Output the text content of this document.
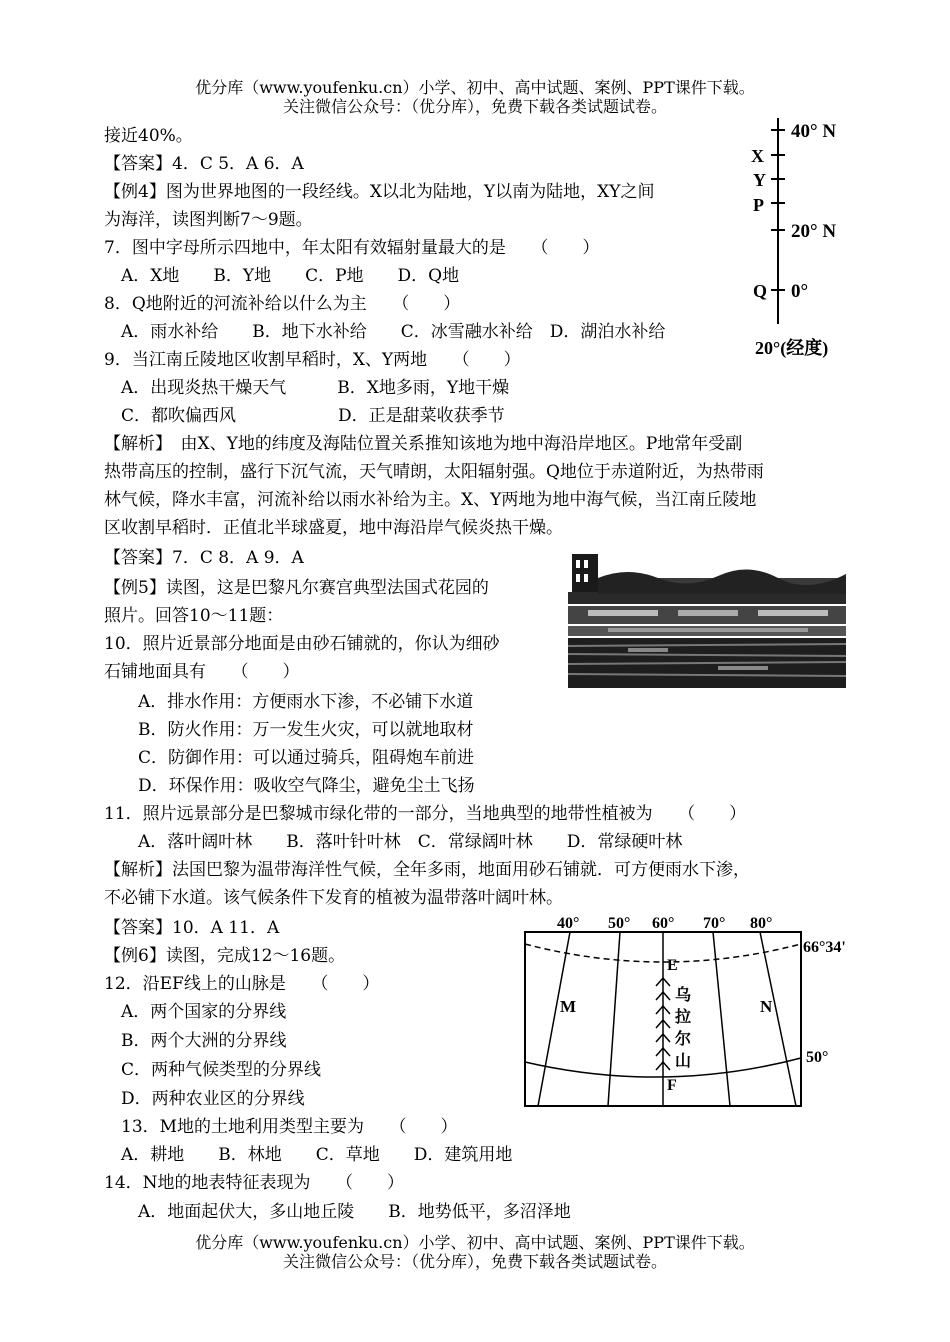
优分库（www.youfenku.cn）小学、初中、高中试题、案例、PPT课件下载。
关注微信公众号：（优分库），免费下载各类试题试卷。
接近40%。
【答案】4．C 5．A 6．A
【例4】图为世界地图的一段经线。X以北为陆地，Y以南为陆地，XY之间
为海洋，读图判断7～9题。
7．图中字母所示四地中，年太阳有效辐射量最大的是　　（　　）
　A．X地　　B．Y地　　C．P地　　D．Q地
8．Q地附近的河流补给以什么为主　　（　　）
　A．雨水补给　　B．地下水补给　　C．冰雪融水补给　D．湖泊水补给
9．当江南丘陵地区收割早稻时，X、Y两地　　（　　）
　A．出现炎热干燥天气　　　B．X地多雨，Y地干燥
　C．都吹偏西风　　　　　　D．正是甜菜收获季节
【解析】　由X、Y地的纬度及海陆位置关系推知该地为地中海沿岸地区。P地常年受副
热带高压的控制，盛行下沉气流，天气晴朗，太阳辐射强。Q地位于赤道附近，为热带雨
林气候，降水丰富，河流补给以雨水补给为主。X、Y两地为地中海气候，当江南丘陵地
区收割早稻时．正值北半球盛夏，地中海沿岸气候炎热干燥。
【答案】7．C 8．A 9．A
【例5】读图，这是巴黎凡尔赛宫典型法国式花园的
照片。回答10～11题：
10．照片近景部分地面是由砂石铺就的，你认为细砂
石铺地面具有　　（　　）
　　A．排水作用：方便雨水下渗，不必铺下水道
　　B．防火作用：万一发生火灾，可以就地取材
　　C．防御作用：可以通过骑兵，阻碍炮车前进
　　D．环保作用：吸收空气降尘，避免尘土飞扬
11．照片远景部分是巴黎城市绿化带的一部分，当地典型的地带性植被为　　（　　）
　　A．落叶阔叶林　　B．落叶针叶林　C．常绿阔叶林　　D．常绿硬叶林
【解析】法国巴黎为温带海洋性气候，全年多雨，地面用砂石铺就．可方便雨水下渗，
不必铺下水道。该气候条件下发育的植被为温带落叶阔叶林。
【答案】10．A 11．A
【例6】读图，完成12～16题。
12．沿EF线上的山脉是　　（　　）
　A．两个国家的分界线
　B．两个大洲的分界线
　C．两种气候类型的分界线
　D．两种农业区的分界线
　13．M地的土地利用类型主要为　　（　　）
　A．耕地　　B．林地　　C．草地　　D．建筑用地
14．N地的地表特征表现为　　（　　）
　　A．地面起伏大，多山地丘陵　　B．地势低平，多沼泽地
优分库（www.youfenku.cn）小学、初中、高中试题、案例、PPT课件下载。
关注微信公众号：（优分库），免费下载各类试题试卷。
40° N
X
Y
P
20° N
Q 0°
20°(经度)
40° 50° 60° 70° 80°
66°34'
50°
E
F
M	N
乌
拉
尔
山
